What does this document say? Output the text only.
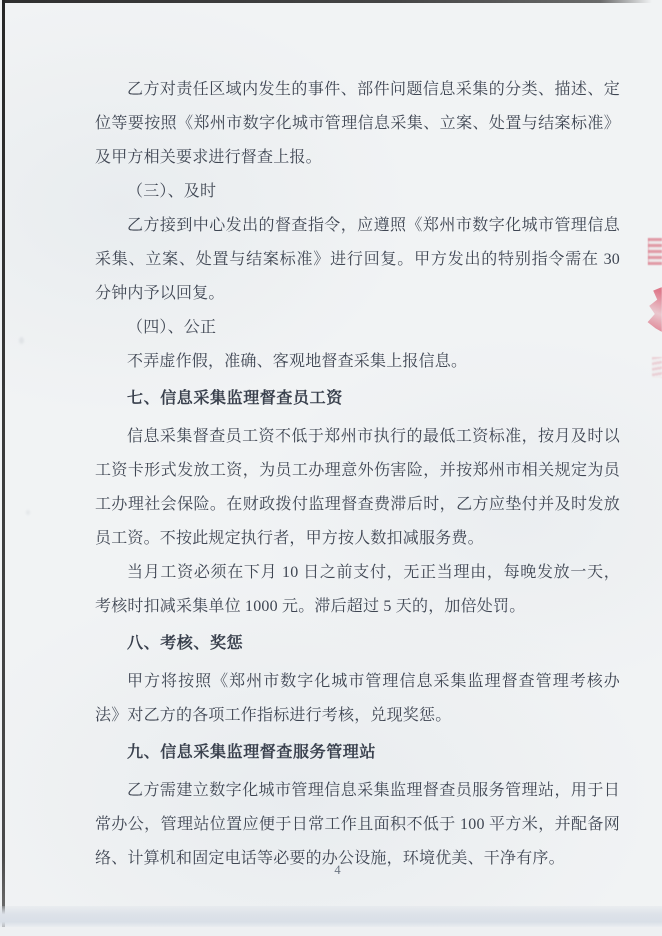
乙方对责任区域内发生的事件、部件问题信息采集的分类、描述、定位等要按照《郑州市数字化城市管理信息采集、立案、处置与结案标准》及甲方相关要求进行督查上报。

（三）、及时

乙方接到中心发出的督查指令，应遵照《郑州市数字化城市管理信息采集、立案、处置与结案标准》进行回复。甲方发出的特别指令需在 30 分钟内予以回复。

（四）、公正

不弄虚作假，准确、客观地督查采集上报信息。

七、信息采集监理督查员工资

信息采集督查员工资不低于郑州市执行的最低工资标准，按月及时以工资卡形式发放工资，为员工办理意外伤害险，并按郑州市相关规定为员工办理社会保险。在财政拨付监理督查费滞后时，乙方应垫付并及时发放员工资。不按此规定执行者，甲方按人数扣减服务费。

当月工资必须在下月 10 日之前支付，无正当理由，每晚发放一天，考核时扣减采集单位 1000 元。滞后超过 5 天的，加倍处罚。

八、考核、奖惩

甲方将按照《郑州市数字化城市管理信息采集监理督查管理考核办法》对乙方的各项工作指标进行考核，兑现奖惩。

九、信息采集监理督查服务管理站

乙方需建立数字化城市管理信息采集监理督查员服务管理站，用于日常办公，管理站位置应便于日常工作且面积不低于 100 平方米，并配备网络、计算机和固定电话等必要的办公设施，环境优美、干净有序。

4
